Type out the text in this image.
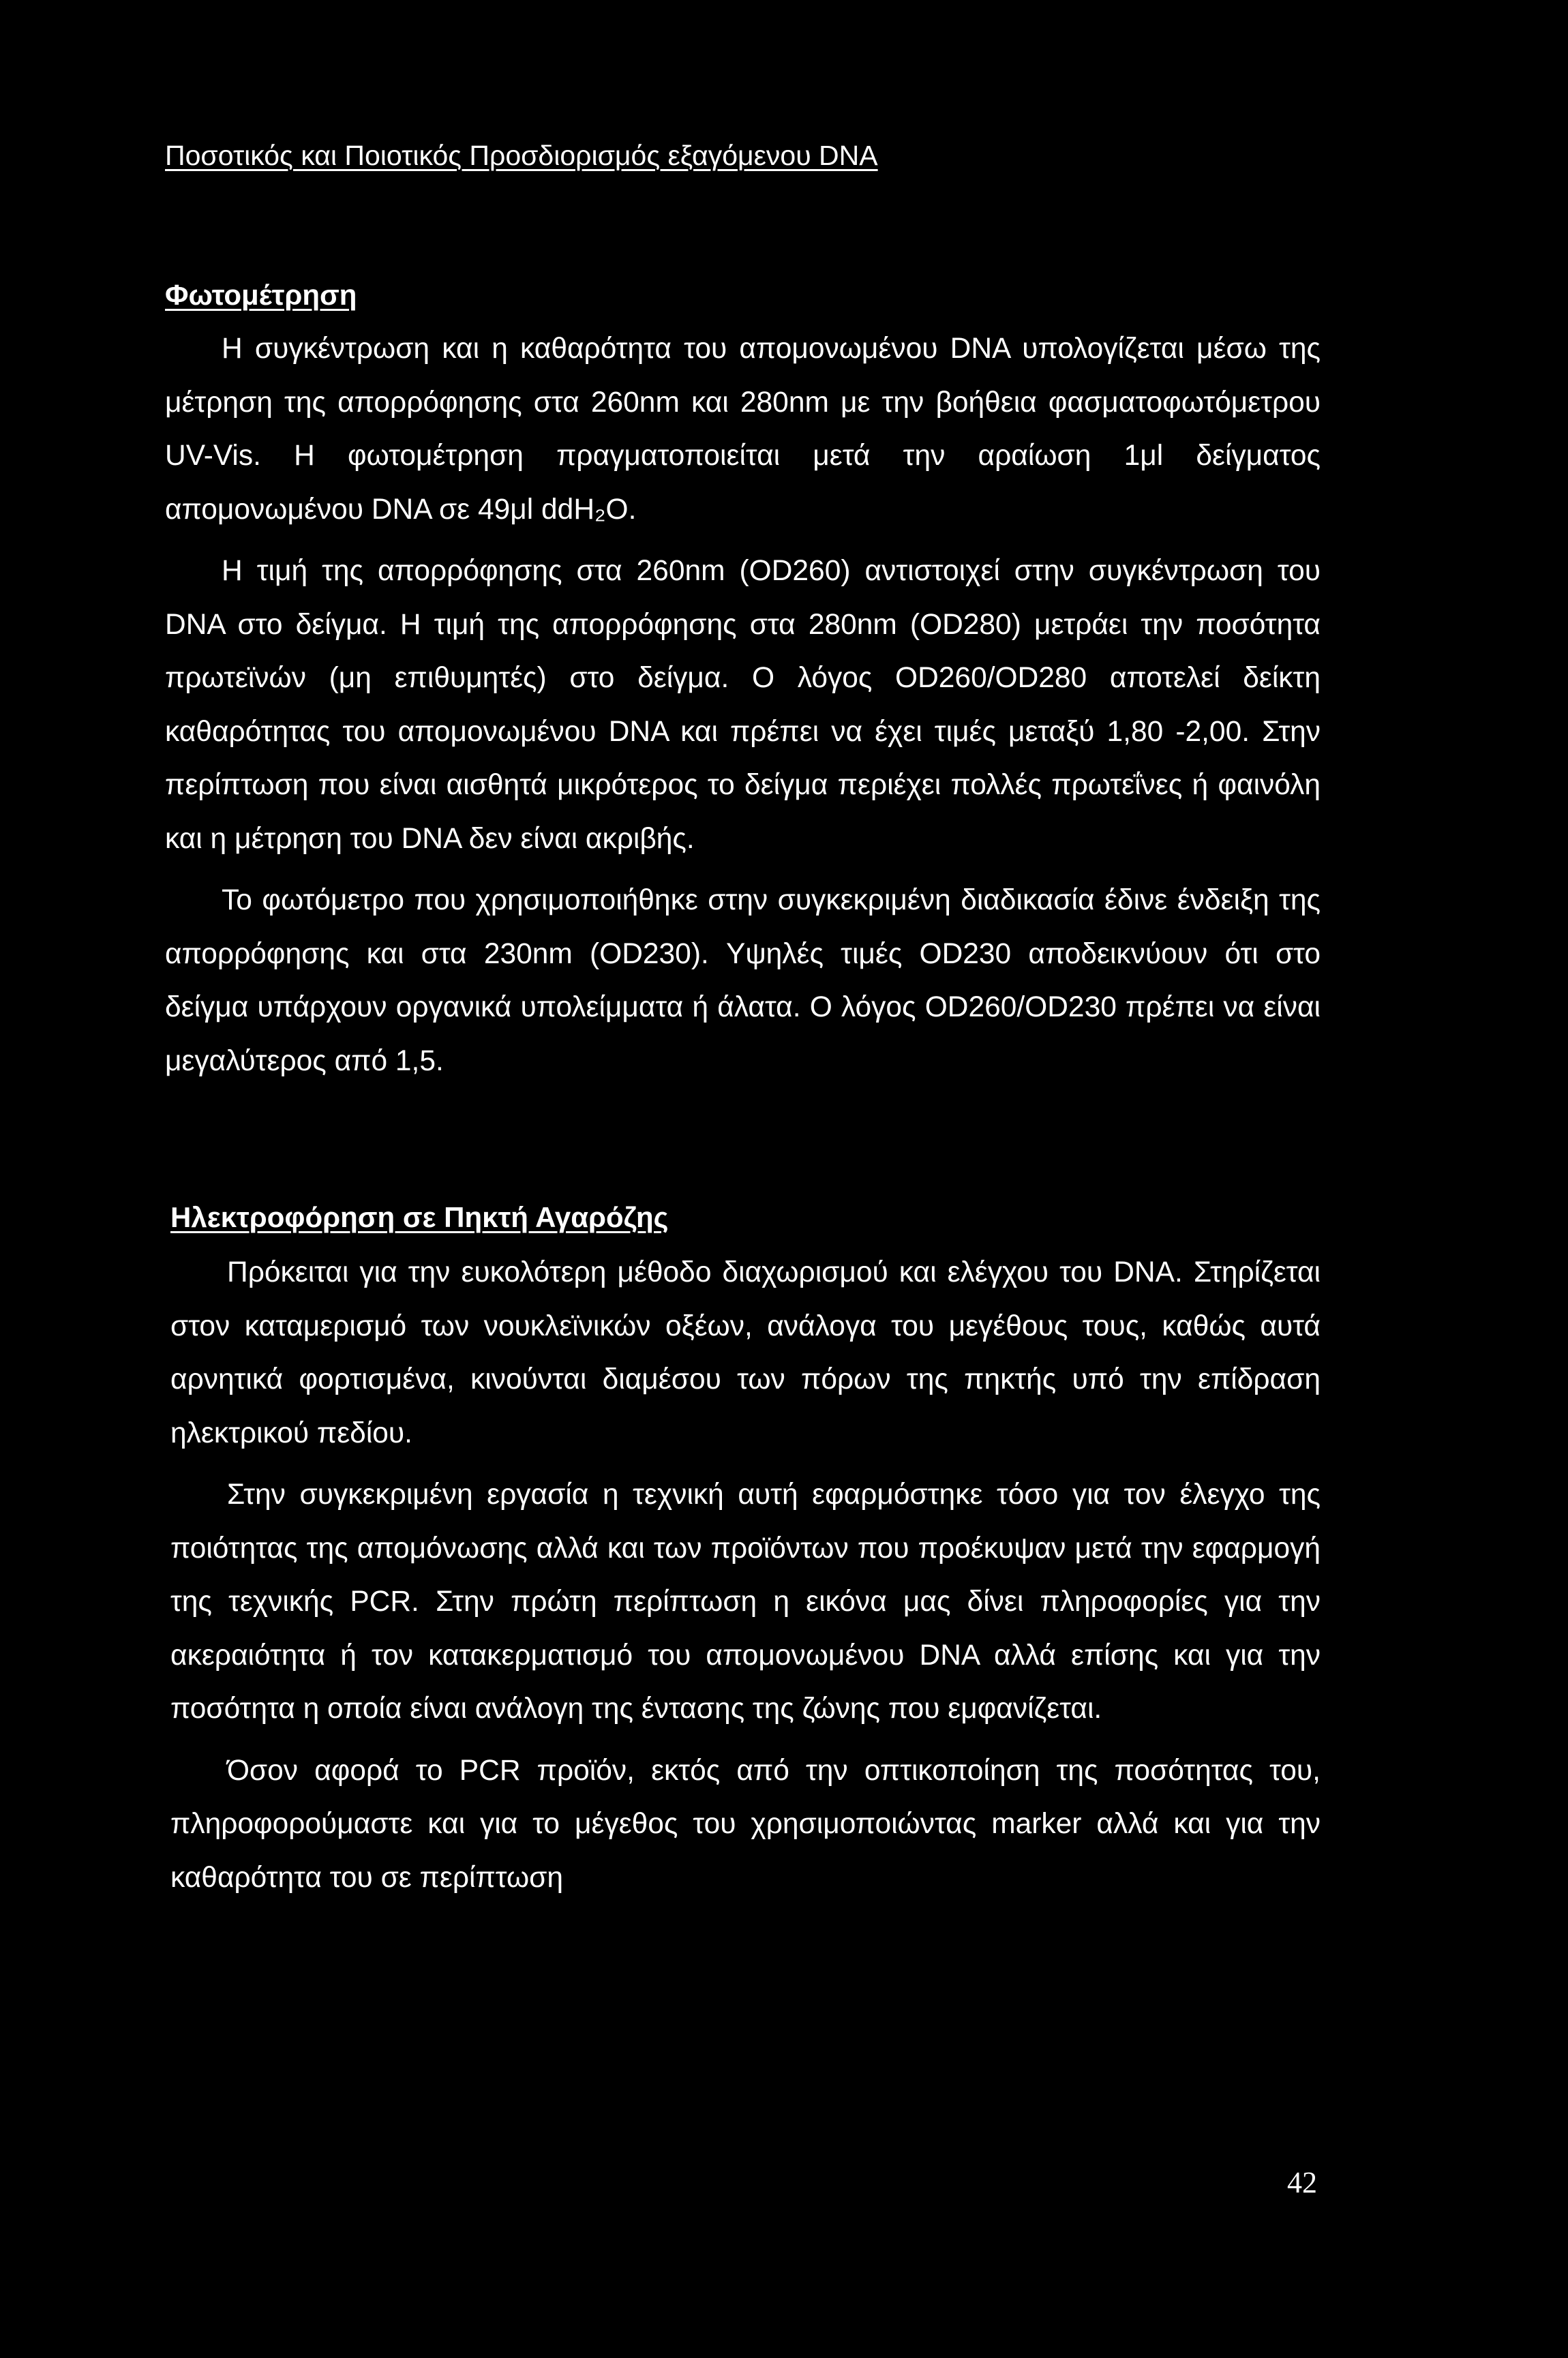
Ποσοτικός και Ποιοτικός Προσδιορισμός εξαγόμενου DNA
Φωτομέτρηση

Η συγκέντρωση και η καθαρότητα του απομονωμένου DNA υπολογίζεται μέσω της μέτρηση της απορρόφησης στα 260nm και 280nm με την βοήθεια φασματοφωτόμετρου UV-Vis. Η φωτομέτρηση πραγματοποιείται μετά την αραίωση 1μl δείγματος απομονωμένου DNA σε 49μl ddH₂O.

Η τιμή της απορρόφησης στα 260nm (OD260) αντιστοιχεί στην συγκέντρωση του DNA στο δείγμα. Η τιμή της απορρόφησης στα 280nm (OD280) μετράει την ποσότητα πρωτεϊνών (μη επιθυμητές) στο δείγμα. Ο λόγος OD260/OD280 αποτελεί δείκτη καθαρότητας του απομονωμένου DNA και πρέπει να έχει τιμές μεταξύ 1,80 -2,00. Στην περίπτωση που είναι αισθητά μικρότερος το δείγμα περιέχει πολλές πρωτεΐνες ή φαινόλη και η μέτρηση του DNA δεν είναι ακριβής.

Το φωτόμετρο που χρησιμοποιήθηκε στην συγκεκριμένη διαδικασία έδινε ένδειξη της απορρόφησης και στα 230nm (OD230). Υψηλές τιμές OD230 αποδεικνύουν ότι στο δείγμα υπάρχουν οργανικά υπολείμματα ή άλατα. Ο λόγος OD260/OD230 πρέπει να είναι μεγαλύτερος από 1,5.

Ηλεκτροφόρηση σε Πηκτή Αγαρόζης

Πρόκειται για την ευκολότερη μέθοδο διαχωρισμού και ελέγχου του DNA. Στηρίζεται στον καταμερισμό των νουκλεϊνικών οξέων, ανάλογα του μεγέθους τους, καθώς αυτά αρνητικά φορτισμένα, κινούνται διαμέσου των πόρων της πηκτής υπό την επίδραση ηλεκτρικού πεδίου.

Στην συγκεκριμένη εργασία η τεχνική αυτή εφαρμόστηκε τόσο για τον έλεγχο της ποιότητας της απομόνωσης αλλά και των προϊόντων που προέκυψαν μετά την εφαρμογή της τεχνικής PCR. Στην πρώτη περίπτωση η εικόνα μας δίνει πληροφορίες για την ακεραιότητα ή τον κατακερματισμό του απομονωμένου DNA αλλά επίσης και για την ποσότητα η οποία είναι ανάλογη της έντασης της ζώνης που εμφανίζεται.

Όσον αφορά το PCR προϊόν, εκτός από την οπτικοποίηση της ποσότητας του, πληροφορούμαστε και για το μέγεθος του χρησιμοποιώντας marker αλλά και για την καθαρότητα του σε περίπτωση

42
